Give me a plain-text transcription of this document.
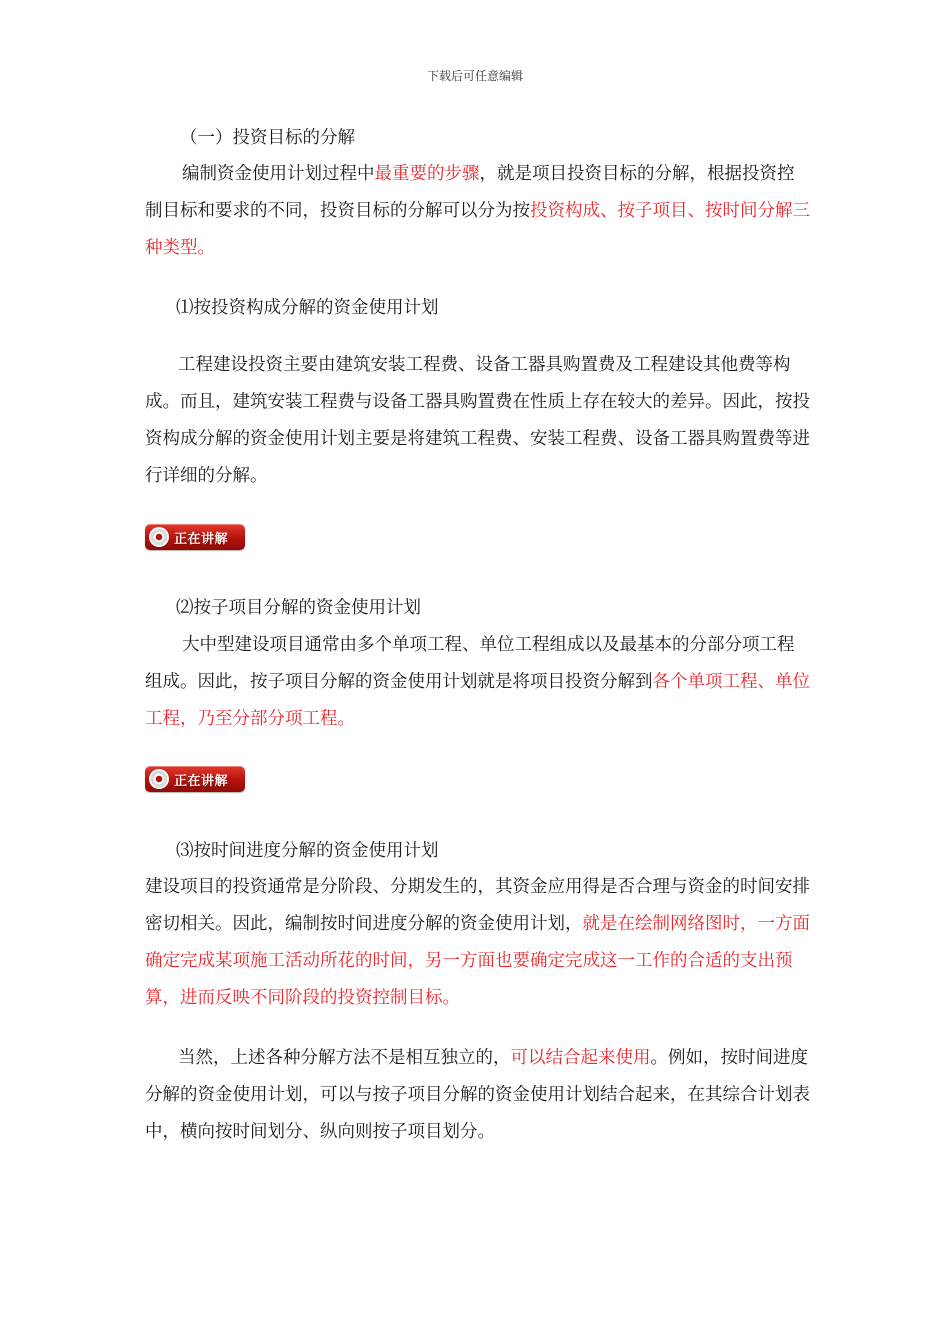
下载后可任意编辑
（一）投资目标的分解

编制资金使用计划过程中最重要的步骤，就是项目投资目标的分解，根据投资控制目标和要求的不同，投资目标的分解可以分为按投资构成、按子项目、按时间分解三种类型。

⑴按投资构成分解的资金使用计划

工程建设投资主要由建筑安装工程费、设备工器具购置费及工程建设其他费等构成。而且，建筑安装工程费与设备工器具购置费在性质上存在较大的差异。因此，按投资构成分解的资金使用计划主要是将建筑工程费、安装工程费、设备工器具购置费等进行详细的分解。

正在讲解
⑵按子项目分解的资金使用计划

大中型建设项目通常由多个单项工程、单位工程组成以及最基本的分部分项工程组成。因此，按子项目分解的资金使用计划就是将项目投资分解到各个单项工程、单位工程，乃至分部分项工程。

正在讲解
⑶按时间进度分解的资金使用计划

建设项目的投资通常是分阶段、分期发生的，其资金应用得是否合理与资金的时间安排密切相关。因此，编制按时间进度分解的资金使用计划，就是在绘制网络图时，一方面确定完成某项施工活动所花的时间，另一方面也要确定完成这一工作的合适的支出预算，进而反映不同阶段的投资控制目标。

当然，上述各种分解方法不是相互独立的，可以结合起来使用。例如，按时间进度分解的资金使用计划，可以与按子项目分解的资金使用计划结合起来，在其综合计划表中，横向按时间划分、纵向则按子项目划分。
